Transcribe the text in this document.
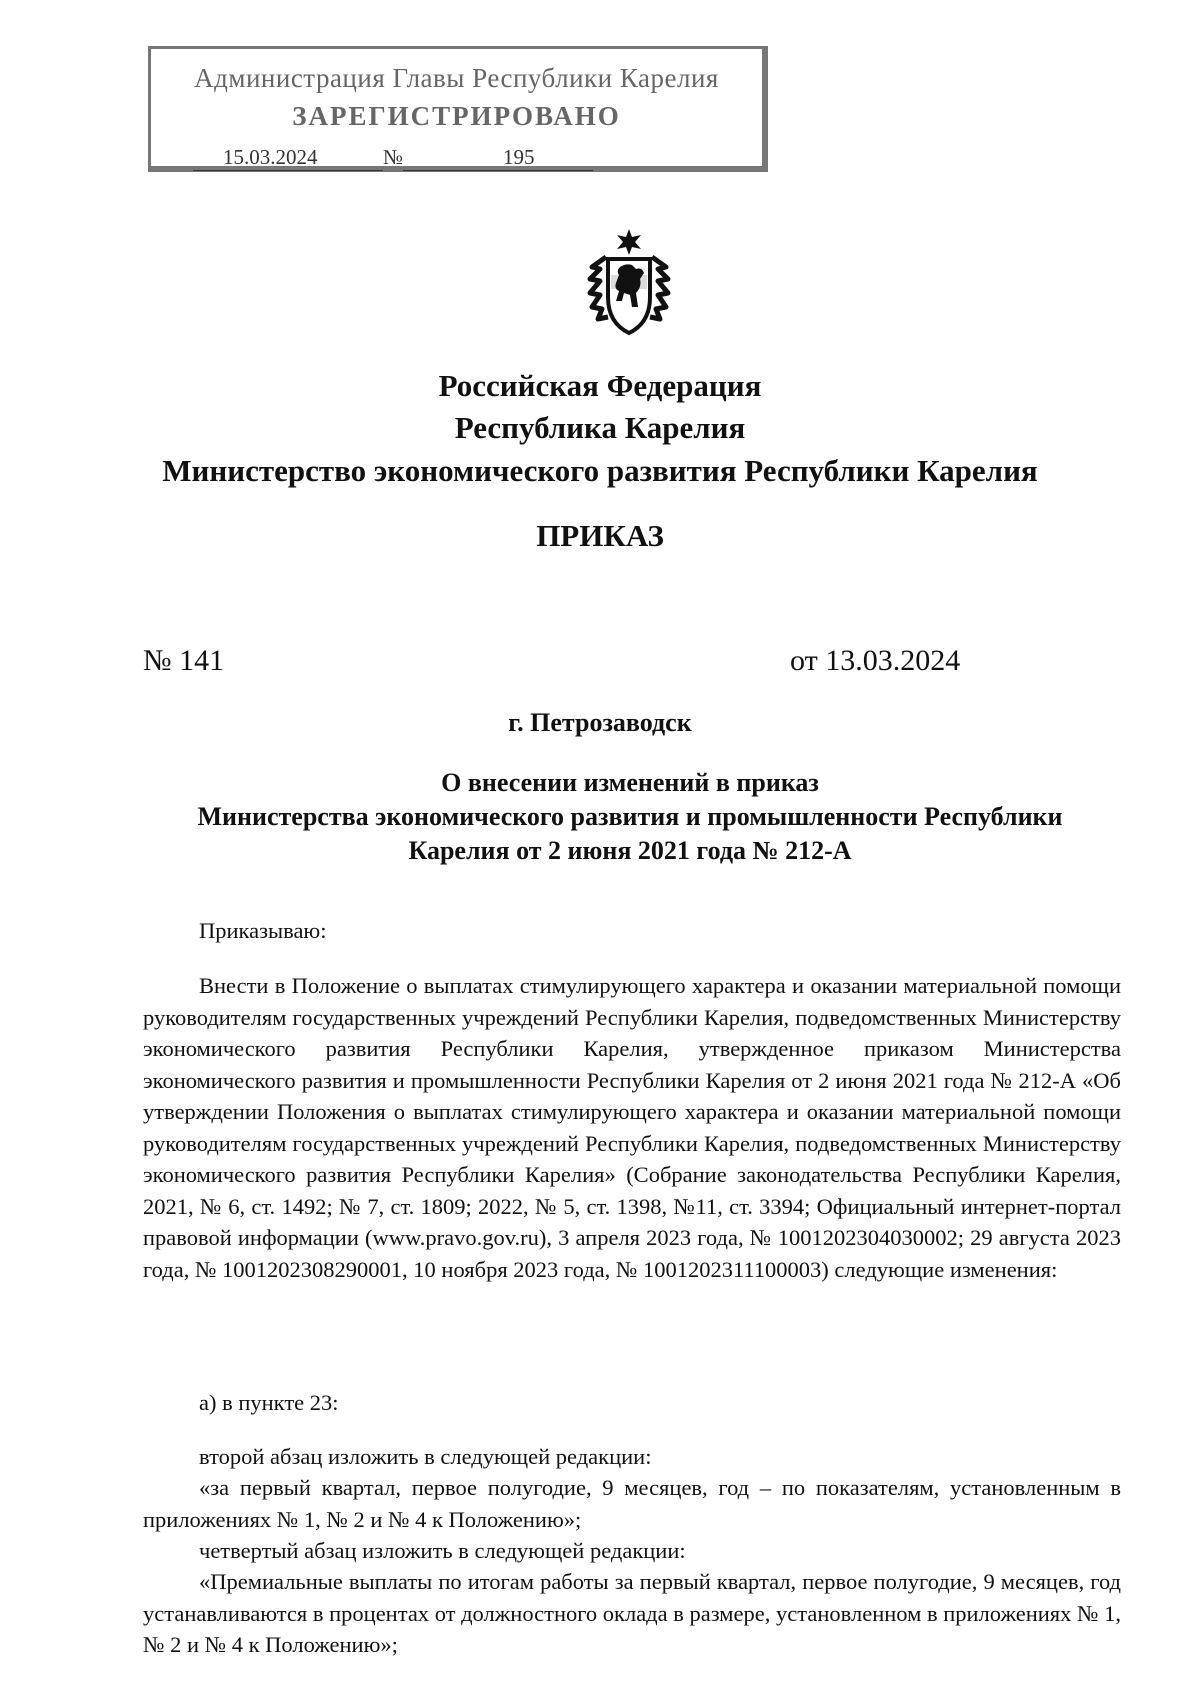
Администрация Главы Республики Карелия
ЗАРЕГИСТРИРОВАНО
15.03.2024	№	195
Российская Федерация
Республика Карелия
Министерство экономического развития Республики Карелия
ПРИКАЗ
№ 141	от 13.03.2024
г. Петрозаводск
О внесении изменений в приказ
Министерства экономического развития и промышленности Республики
Карелия от 2 июня 2021 года № 212-А

Приказываю:

Внести в Положение о выплатах стимулирующего характера и оказании материальной помощи руководителям государственных учреждений Республики Карелия, подведомственных Министерству экономического развития Республики Карелия, утвержденное приказом Министерства экономического развития и промышленности Республики Карелия от 2 июня 2021 года № 212-А «Об утверждении Положения о выплатах стимулирующего характера и оказании материальной помощи руководителям государственных учреждений Республики Карелия, подведомственных Министерству экономического развития Республики Карелия» (Собрание законодательства Республики Карелия, 2021, № 6, ст. 1492; № 7, ст. 1809; 2022, № 5, ст. 1398, №11, ст. 3394; Официальный интернет-портал правовой информации (www.pravo.gov.ru), 3 апреля 2023 года, № 1001202304030002; 29 августа 2023 года, № 1001202308290001, 10 ноября 2023 года, № 1001202311100003) следующие изменения:

а) в пункте 23:

второй абзац изложить в следующей редакции:

«за первый квартал, первое полугодие, 9 месяцев, год – по показателям, установленным в приложениях № 1, № 2 и № 4 к Положению»;

четвертый абзац изложить в следующей редакции:

«Премиальные выплаты по итогам работы за первый квартал, первое полугодие, 9 месяцев, год устанавливаются в процентах от должностного оклада в размере, установленном в приложениях № 1, № 2 и № 4 к Положению»;
